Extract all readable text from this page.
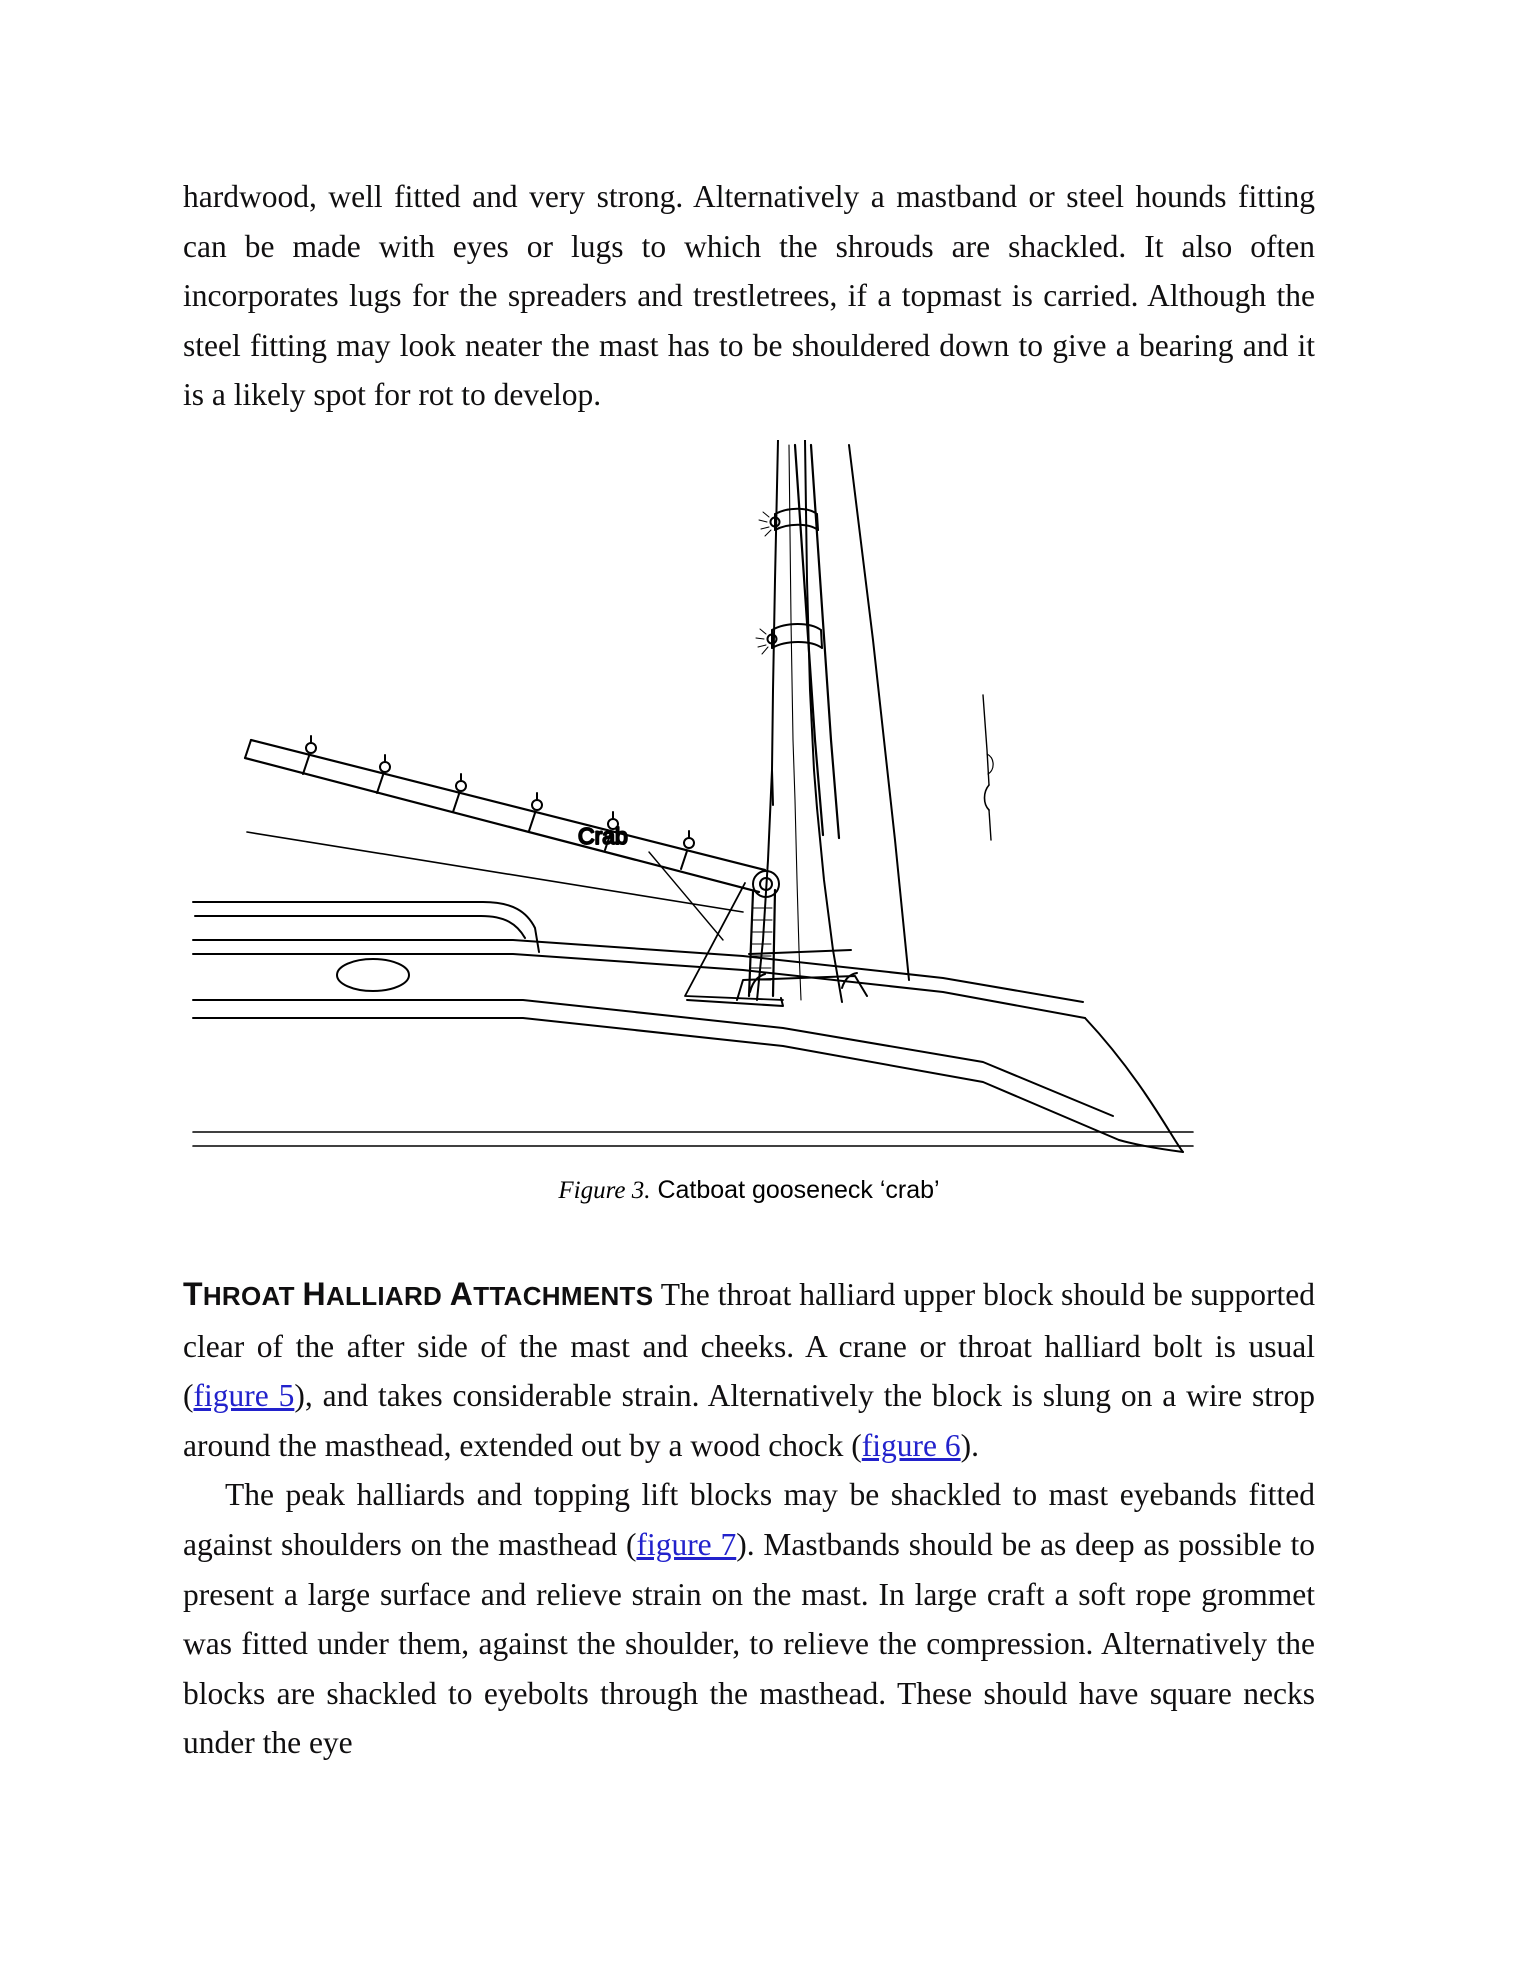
hardwood, well fitted and very strong. Alternatively a mastband or steel hounds fitting can be made with eyes or lugs to which the shrouds are shackled. It also often incorporates lugs for the spreaders and trestletrees, if a topmast is carried. Although the steel fitting may look neater the mast has to be shouldered down to give a bearing and it is a likely spot for rot to develop.

Crab
Figure 3. Catboat gooseneck ‘crab’

THROAT HALLIARD ATTACHMENTS The throat halliard upper block should be supported clear of the after side of the mast and cheeks. A crane or throat halliard bolt is usual (figure 5), and takes considerable strain. Alternatively the block is slung on a wire strop around the masthead, extended out by a wood chock (figure 6).

The peak halliards and topping lift blocks may be shackled to mast eyebands fitted against shoulders on the masthead (figure 7). Mastbands should be as deep as possible to present a large surface and relieve strain on the mast. In large craft a soft rope grommet was fitted under them, against the shoulder, to relieve the compression. Alternatively the blocks are shackled to eyebolts through the masthead. These should have square necks under the eye
